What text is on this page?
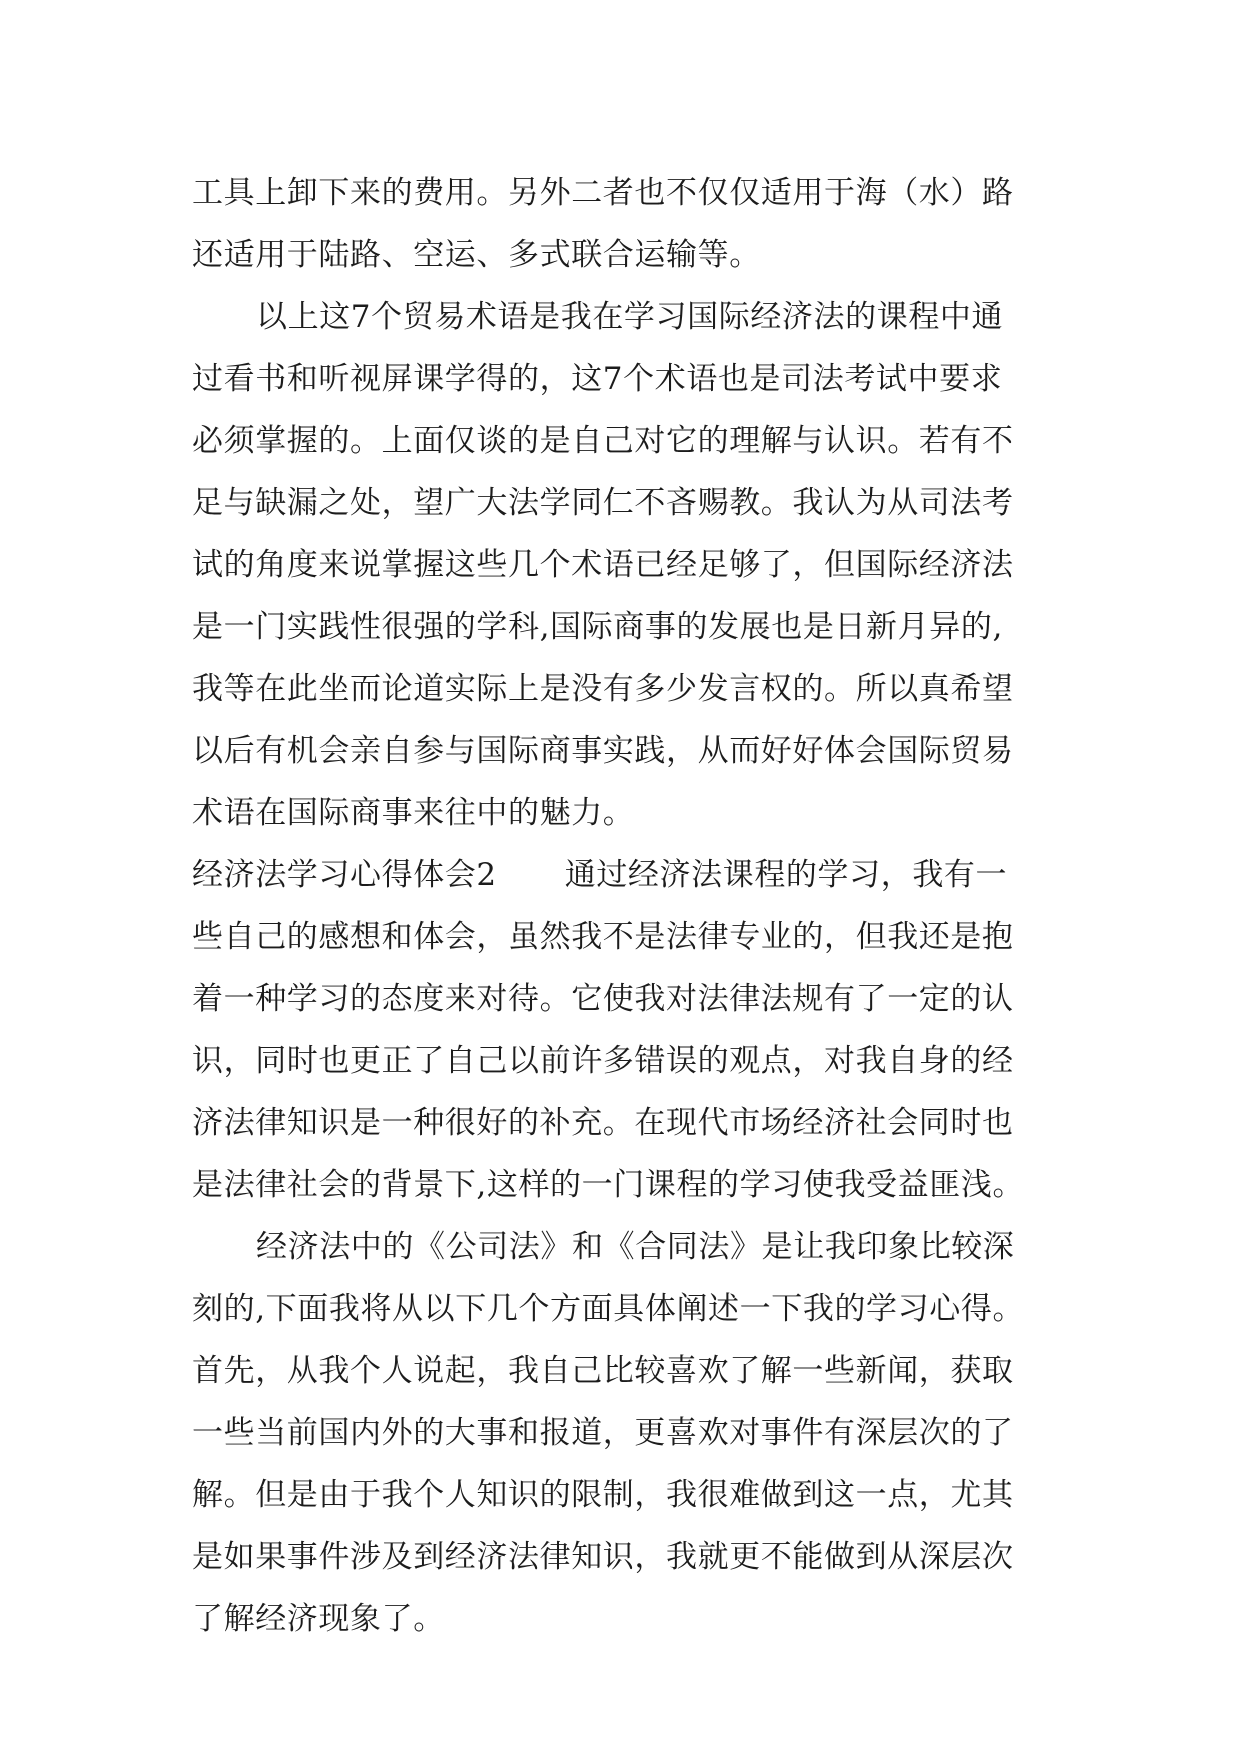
工具上卸下来的费用。另外二者也不仅仅适用于海（水）路
还适用于陆路、空运、多式联合运输等。
以上这7个贸易术语是我在学习国际经济法的课程中通
过看书和听视屏课学得的，这7个术语也是司法考试中要求
必须掌握的。上面仅谈的是自己对它的理解与认识。若有不
足与缺漏之处，望广大法学同仁不吝赐教。我认为从司法考
试的角度来说掌握这些几个术语已经足够了，但国际经济法
是一门实践性很强的学科,国际商事的发展也是日新月异的,
我等在此坐而论道实际上是没有多少发言权的。所以真希望
以后有机会亲自参与国际商事实践，从而好好体会国际贸易
术语在国际商事来往中的魅力。
经济法学习心得体会2 通过经济法课程的学习，我有一
些自己的感想和体会，虽然我不是法律专业的，但我还是抱
着一种学习的态度来对待。它使我对法律法规有了一定的认
识，同时也更正了自己以前许多错误的观点，对我自身的经
济法律知识是一种很好的补充。在现代市场经济社会同时也
是法律社会的背景下,这样的一门课程的学习使我受益匪浅。
经济法中的《公司法》和《合同法》是让我印象比较深
刻的,下面我将从以下几个方面具体阐述一下我的学习心得。
首先，从我个人说起，我自己比较喜欢了解一些新闻，获取
一些当前国内外的大事和报道，更喜欢对事件有深层次的了
解。但是由于我个人知识的限制，我很难做到这一点，尤其
是如果事件涉及到经济法律知识，我就更不能做到从深层次
了解经济现象了。
